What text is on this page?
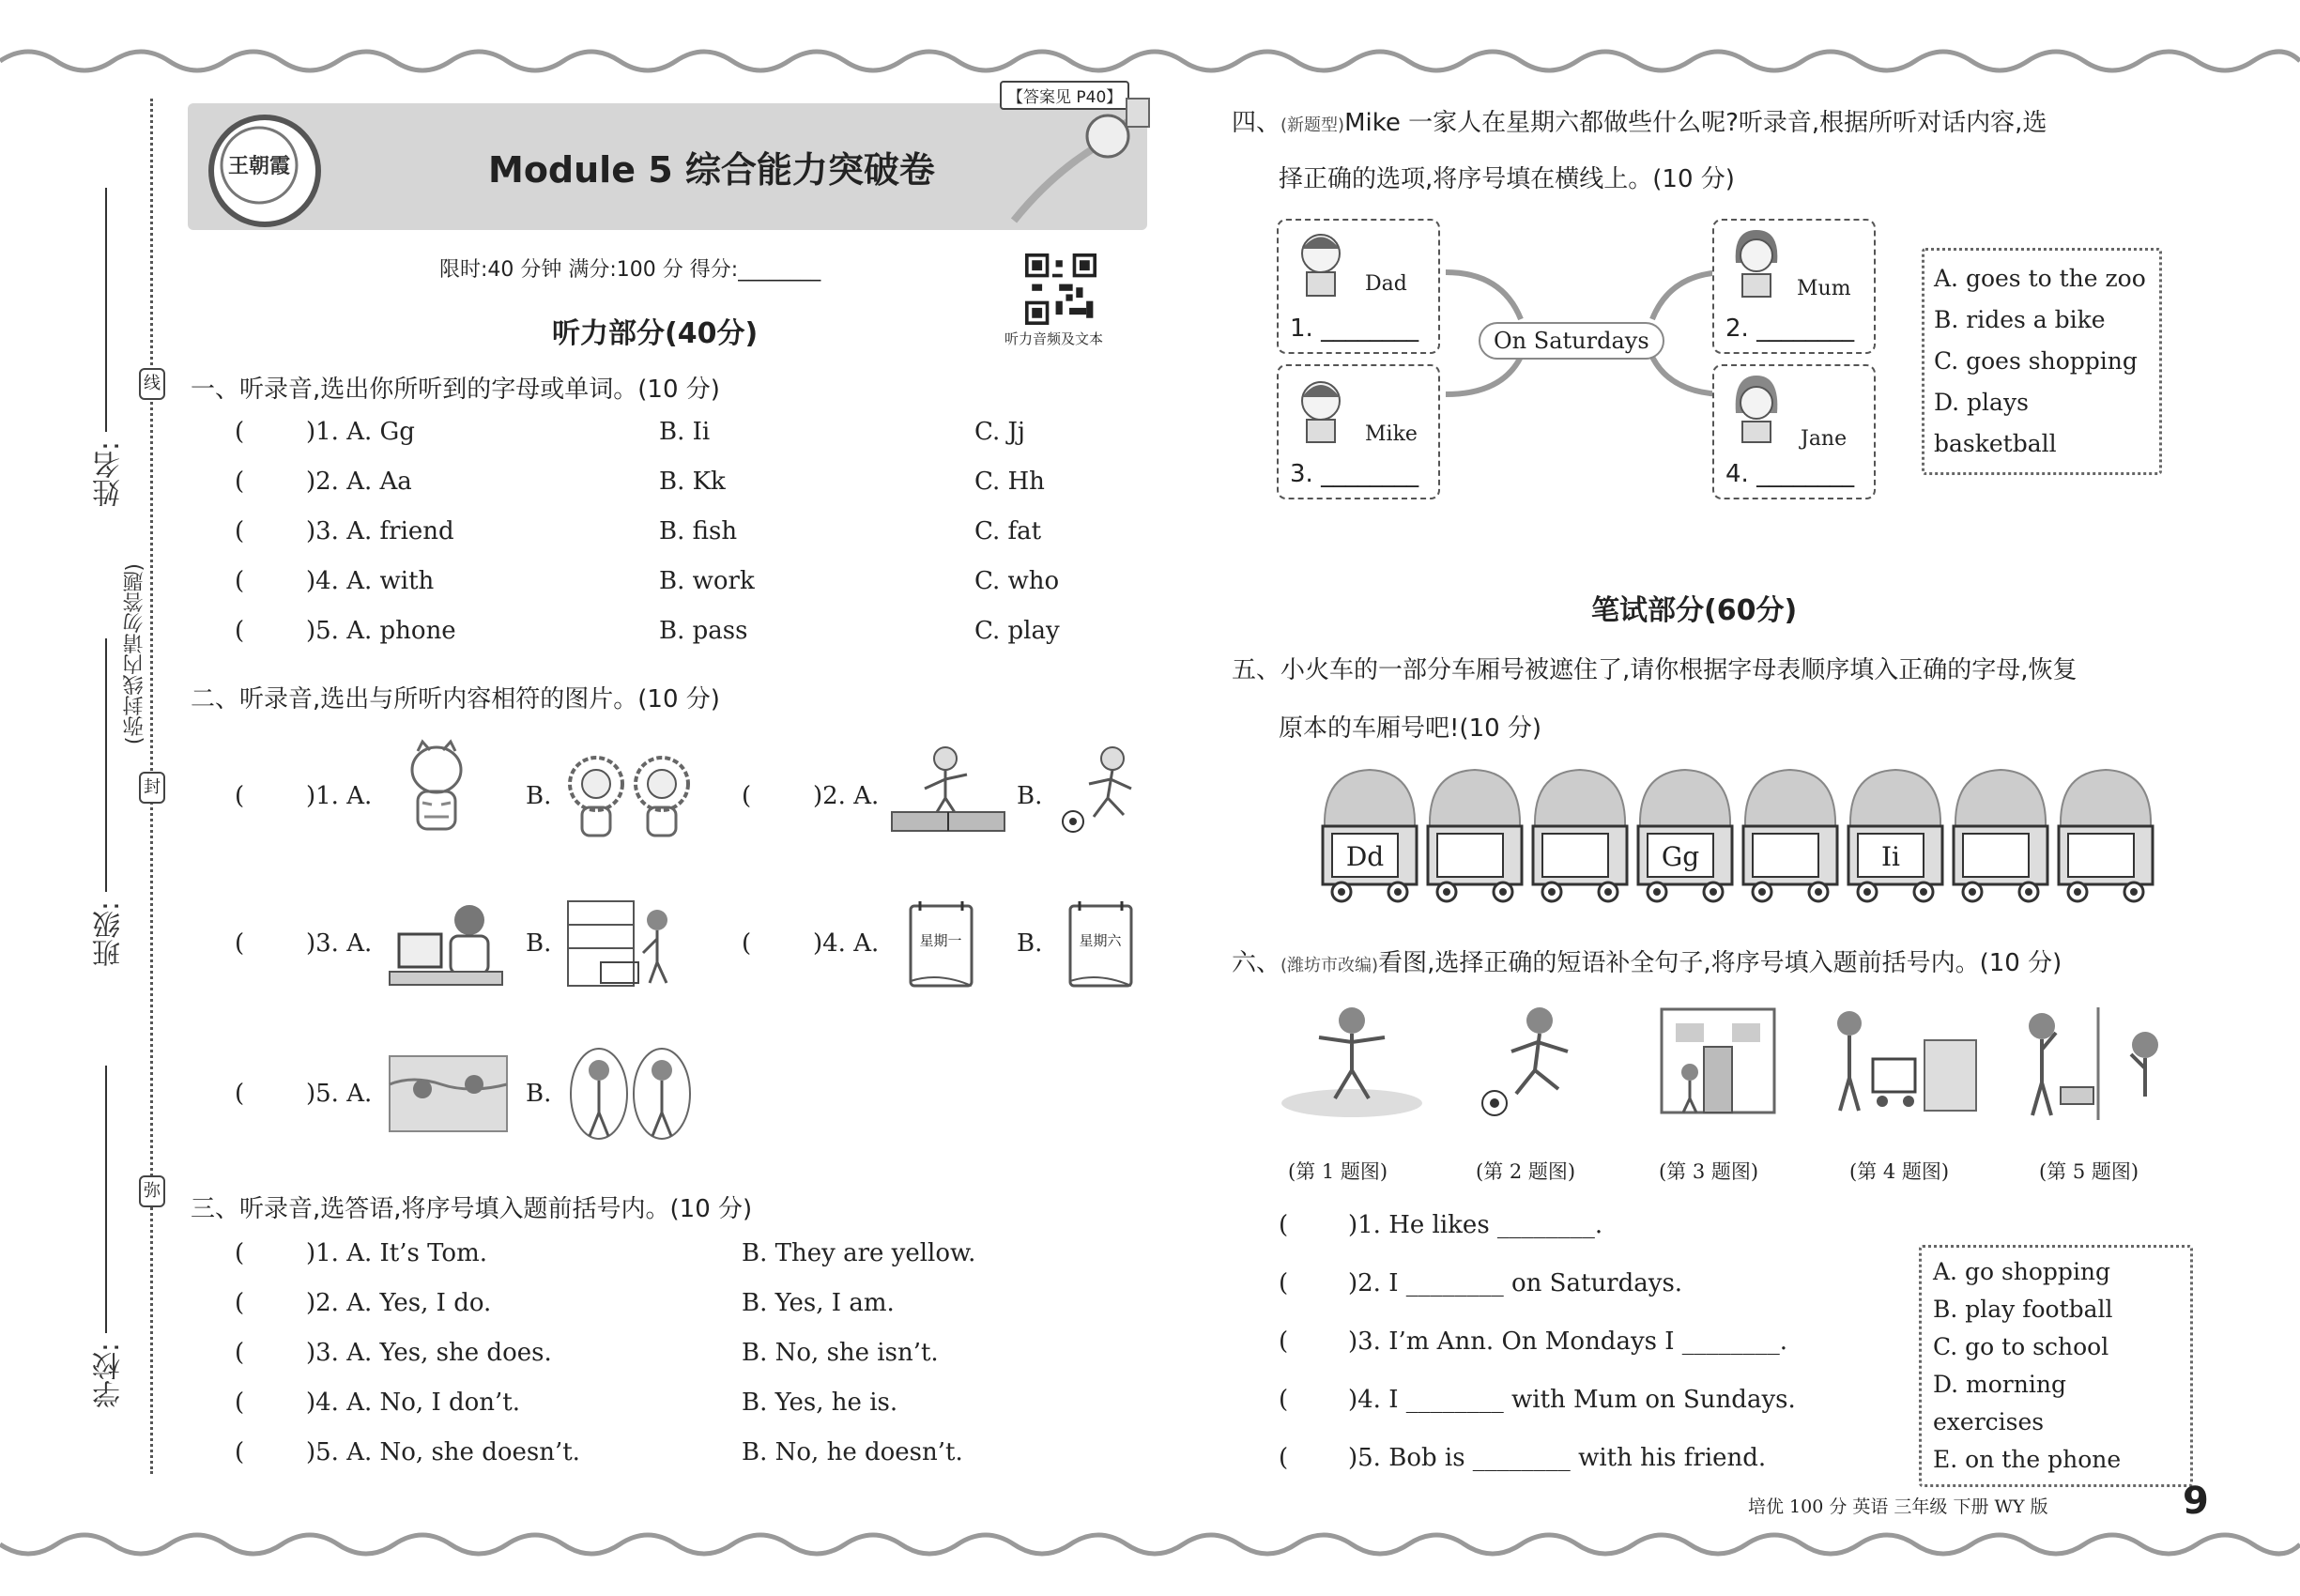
线
封
弥
姓名:
(弥封线内请勿答题)
班级:
学校:
王朝霞
【答案见 P40】
Module 5 综合能力突破卷
限时:40 分钟 满分:100 分 得分:________
听力音频及文本
听力部分(40分)
一、听录音,选出你所听到的字母或单词。(10 分)
(	)1. A. Gg	B. Ii	C. Jj
(	)2. A. Aa	B. Kk	C. Hh
(	)3. A. friend	B. fish	C. fat
(	)4. A. with	B. work	C. who
(	)5. A. phone	B. pass	C. play
二、听录音,选出与所听内容相符的图片。(10 分)
(	)1. A.	B.	(	)2. A.	B.
(	)3. A.	B.	(	)4. A.	B.
(	)5. A.	B.
星期一	星期六
三、听录音,选答语,将序号填入题前括号内。(10 分)
(	)1. A. It’s Tom.	B. They are yellow.
(	)2. A. Yes, I do.	B. Yes, I am.
(	)3. A. Yes, she does.	B. No, she isn’t.
(	)4. A. No, I don’t.	B. Yes, he is.
(	)5. A. No, she doesn’t.	B. No, he doesn’t.
四、(新题型)Mike 一家人在星期六都做些什么呢?听录音,根据所听对话内容,选
择正确的选项,将序号填在横线上。(10 分)
On Saturdays
Dad
1. ________
Mum
2. ________
Mike
3. ________
Jane
4. ________
A. goes to the zoo
B. rides a bike
C. goes shopping
D. plays basketball
笔试部分(60分)
五、小火车的一部分车厢号被遮住了,请你根据字母表顺序填入正确的字母,恢复
原本的车厢号吧!(10 分)
Dd	Gg	Ii
六、(潍坊市改编)看图,选择正确的短语补全句子,将序号填入题前括号内。(10 分)
(第 1 题图)	(第 2 题图)	(第 3 题图)	(第 4 题图)	(第 5 题图)
( )1. He likes ________.
( )2. I ________ on Saturdays.
( )3. I’m Ann. On Mondays I ________.
( )4. I ________ with Mum on Sundays.
( )5. Bob is ________ with his friend.
A. go shopping
B. play football
C. go to school
D. morning exercises
E. on the phone
培优 100 分 英语 三年级 下册 WY 版	9
